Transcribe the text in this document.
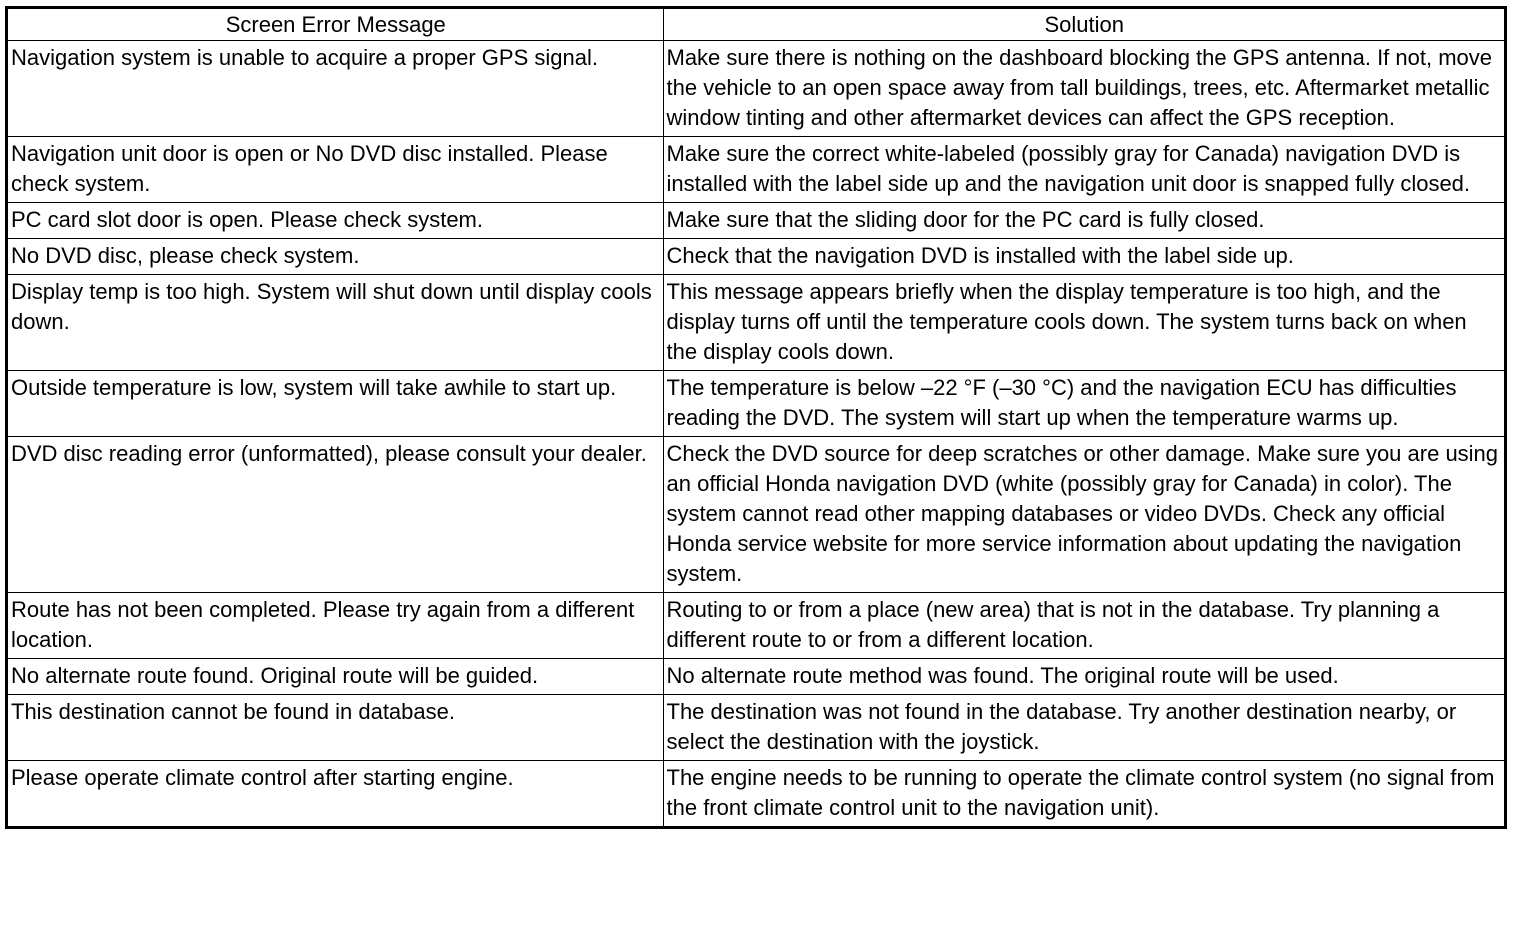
Screen Error Message	Solution
Navigation system is unable to acquire a proper GPS signal.	Make sure there is nothing on the dashboard blocking the GPS antenna. If not, move the vehicle to an open space away from tall buildings, trees, etc. Aftermarket metallic window tinting and other aftermarket devices can affect the GPS reception.
Navigation unit door is open or No DVD disc installed. Please check system.	Make sure the correct white-labeled (possibly gray for Canada) navigation DVD is installed with the label side up and the navigation unit door is snapped fully closed.
PC card slot door is open. Please check system.	Make sure that the sliding door for the PC card is fully closed.
No DVD disc, please check system.	Check that the navigation DVD is installed with the label side up.
Display temp is too high. System will shut down until display cools down.	This message appears briefly when the display temperature is too high, and the display turns off until the temperature cools down. The system turns back on when the display cools down.
Outside temperature is low, system will take awhile to start up.	The temperature is below –22 °F (–30 °C) and the navigation ECU has difficulties reading the DVD. The system will start up when the temperature warms up.
DVD disc reading error (unformatted), please consult your dealer.	Check the DVD source for deep scratches or other damage. Make sure you are using an official Honda navigation DVD (white (possibly gray for Canada) in color). The system cannot read other mapping databases or video DVDs. Check any official Honda service website for more service information about updating the navigation system.
Route has not been completed. Please try again from a different location.	Routing to or from a place (new area) that is not in the database. Try planning a different route to or from a different location.
No alternate route found. Original route will be guided.	No alternate route method was found. The original route will be used.
This destination cannot be found in database.	The destination was not found in the database. Try another destination nearby, or select the destination with the joystick.
Please operate climate control after starting engine.	The engine needs to be running to operate the climate control system (no signal from the front climate control unit to the navigation unit).
